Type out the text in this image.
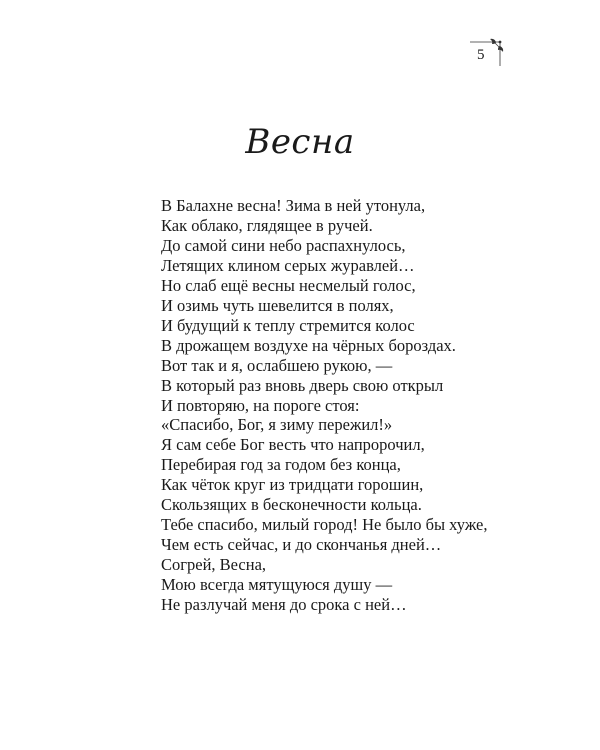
5
Весна
В Балахне весна! Зима в ней утонула,
Как облако, глядящее в ручей.
До самой сини небо распахнулось,
Летящих клином серых журавлей…
Но слаб ещё весны несмелый голос,
И озимь чуть шевелится в полях,
И будущий к теплу стремится колос
В дрожащем воздухе на чёрных бороздах.
Вот так и я, ослабшею рукою, —
В который раз вновь дверь свою открыл
И повторяю, на пороге стоя:
«Спасибо, Бог, я зиму пережил!»
Я сам себе Бог весть что напророчил,
Перебирая год за годом без конца,
Как чёток круг из тридцати горошин,
Скользящих в бесконечности кольца.
Тебе спасибо, милый город! Не было бы хуже,
Чем есть сейчас, и до скончанья дней…
Согрей, Весна,
Мою всегда мятущуюся душу —
Не разлучай меня до срока с ней…
